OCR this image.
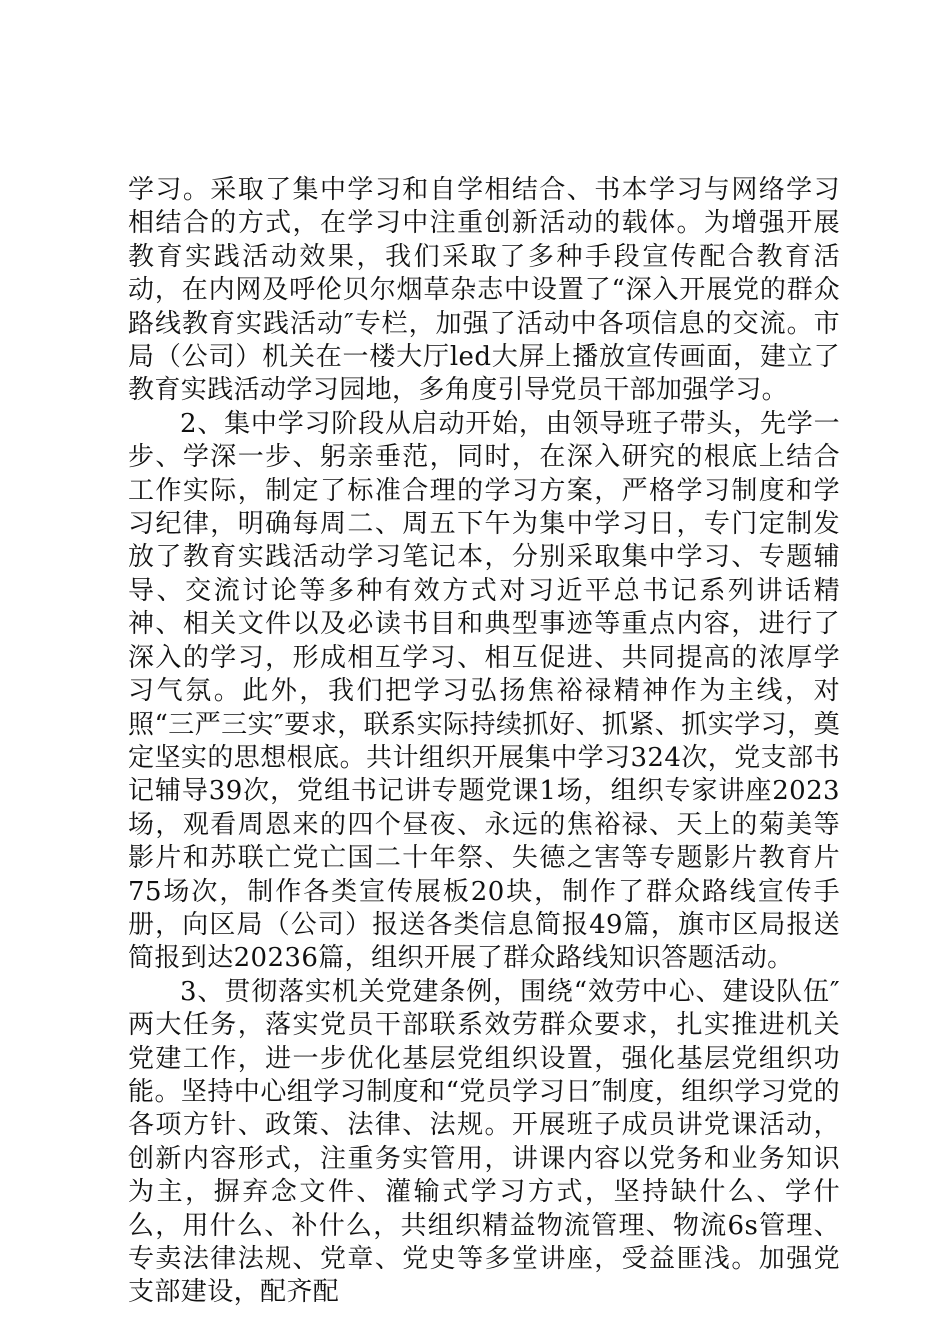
学习。采取了集中学习和自学相结合、书本学习与网络学习相结合的方式，在学习中注重创新活动的载体。为增强开展教育实践活动效果，我们采取了多种手段宣传配合教育活动，在内网及呼伦贝尔烟草杂志中设置了“深入开展党的群众路线教育实践活动″专栏，加强了活动中各项信息的交流。市局（公司）机关在一楼大厅led大屏上播放宣传画面，建立了教育实践活动学习园地，多角度引导党员干部加强学习。

2、集中学习阶段从启动开始，由领导班子带头，先学一步、学深一步、躬亲垂范，同时，在深入研究的根底上结合工作实际，制定了标准合理的学习方案，严格学习制度和学习纪律，明确每周二、周五下午为集中学习日，专门定制发放了教育实践活动学习笔记本，分别采取集中学习、专题辅导、交流讨论等多种有效方式对习近平总书记系列讲话精神、相关文件以及必读书目和典型事迹等重点内容，进行了深入的学习，形成相互学习、相互促进、共同提高的浓厚学习气氛。此外，我们把学习弘扬焦裕禄精神作为主线，对照“三严三实″要求，联系实际持续抓好、抓紧、抓实学习，奠定坚实的思想根底。共计组织开展集中学习324次，党支部书记辅导39次，党组书记讲专题党课1场，组织专家讲座2023场，观看周恩来的四个昼夜、永远的焦裕禄、天上的菊美等影片和苏联亡党亡国二十年祭、失德之害等专题影片教育片75场次，制作各类宣传展板20块，制作了群众路线宣传手册，向区局（公司）报送各类信息简报49篇，旗市区局报送简报到达20236篇，组织开展了群众路线知识答题活动。

3、贯彻落实机关党建条例，围绕“效劳中心、建设队伍″两大任务，落实党员干部联系效劳群众要求，扎实推进机关党建工作，进一步优化基层党组织设置，强化基层党组织功能。坚持中心组学习制度和“党员学习日″制度，组织学习党的各项方针、政策、法律、法规。开展班子成员讲党课活动，创新内容形式，注重务实管用，讲课内容以党务和业务知识为主，摒弃念文件、灌输式学习方式，坚持缺什么、学什么，用什么、补什么，共组织精益物流管理、物流6s管理、专卖法律法规、党章、党史等多堂讲座，受益匪浅。加强党支部建设，配齐配
